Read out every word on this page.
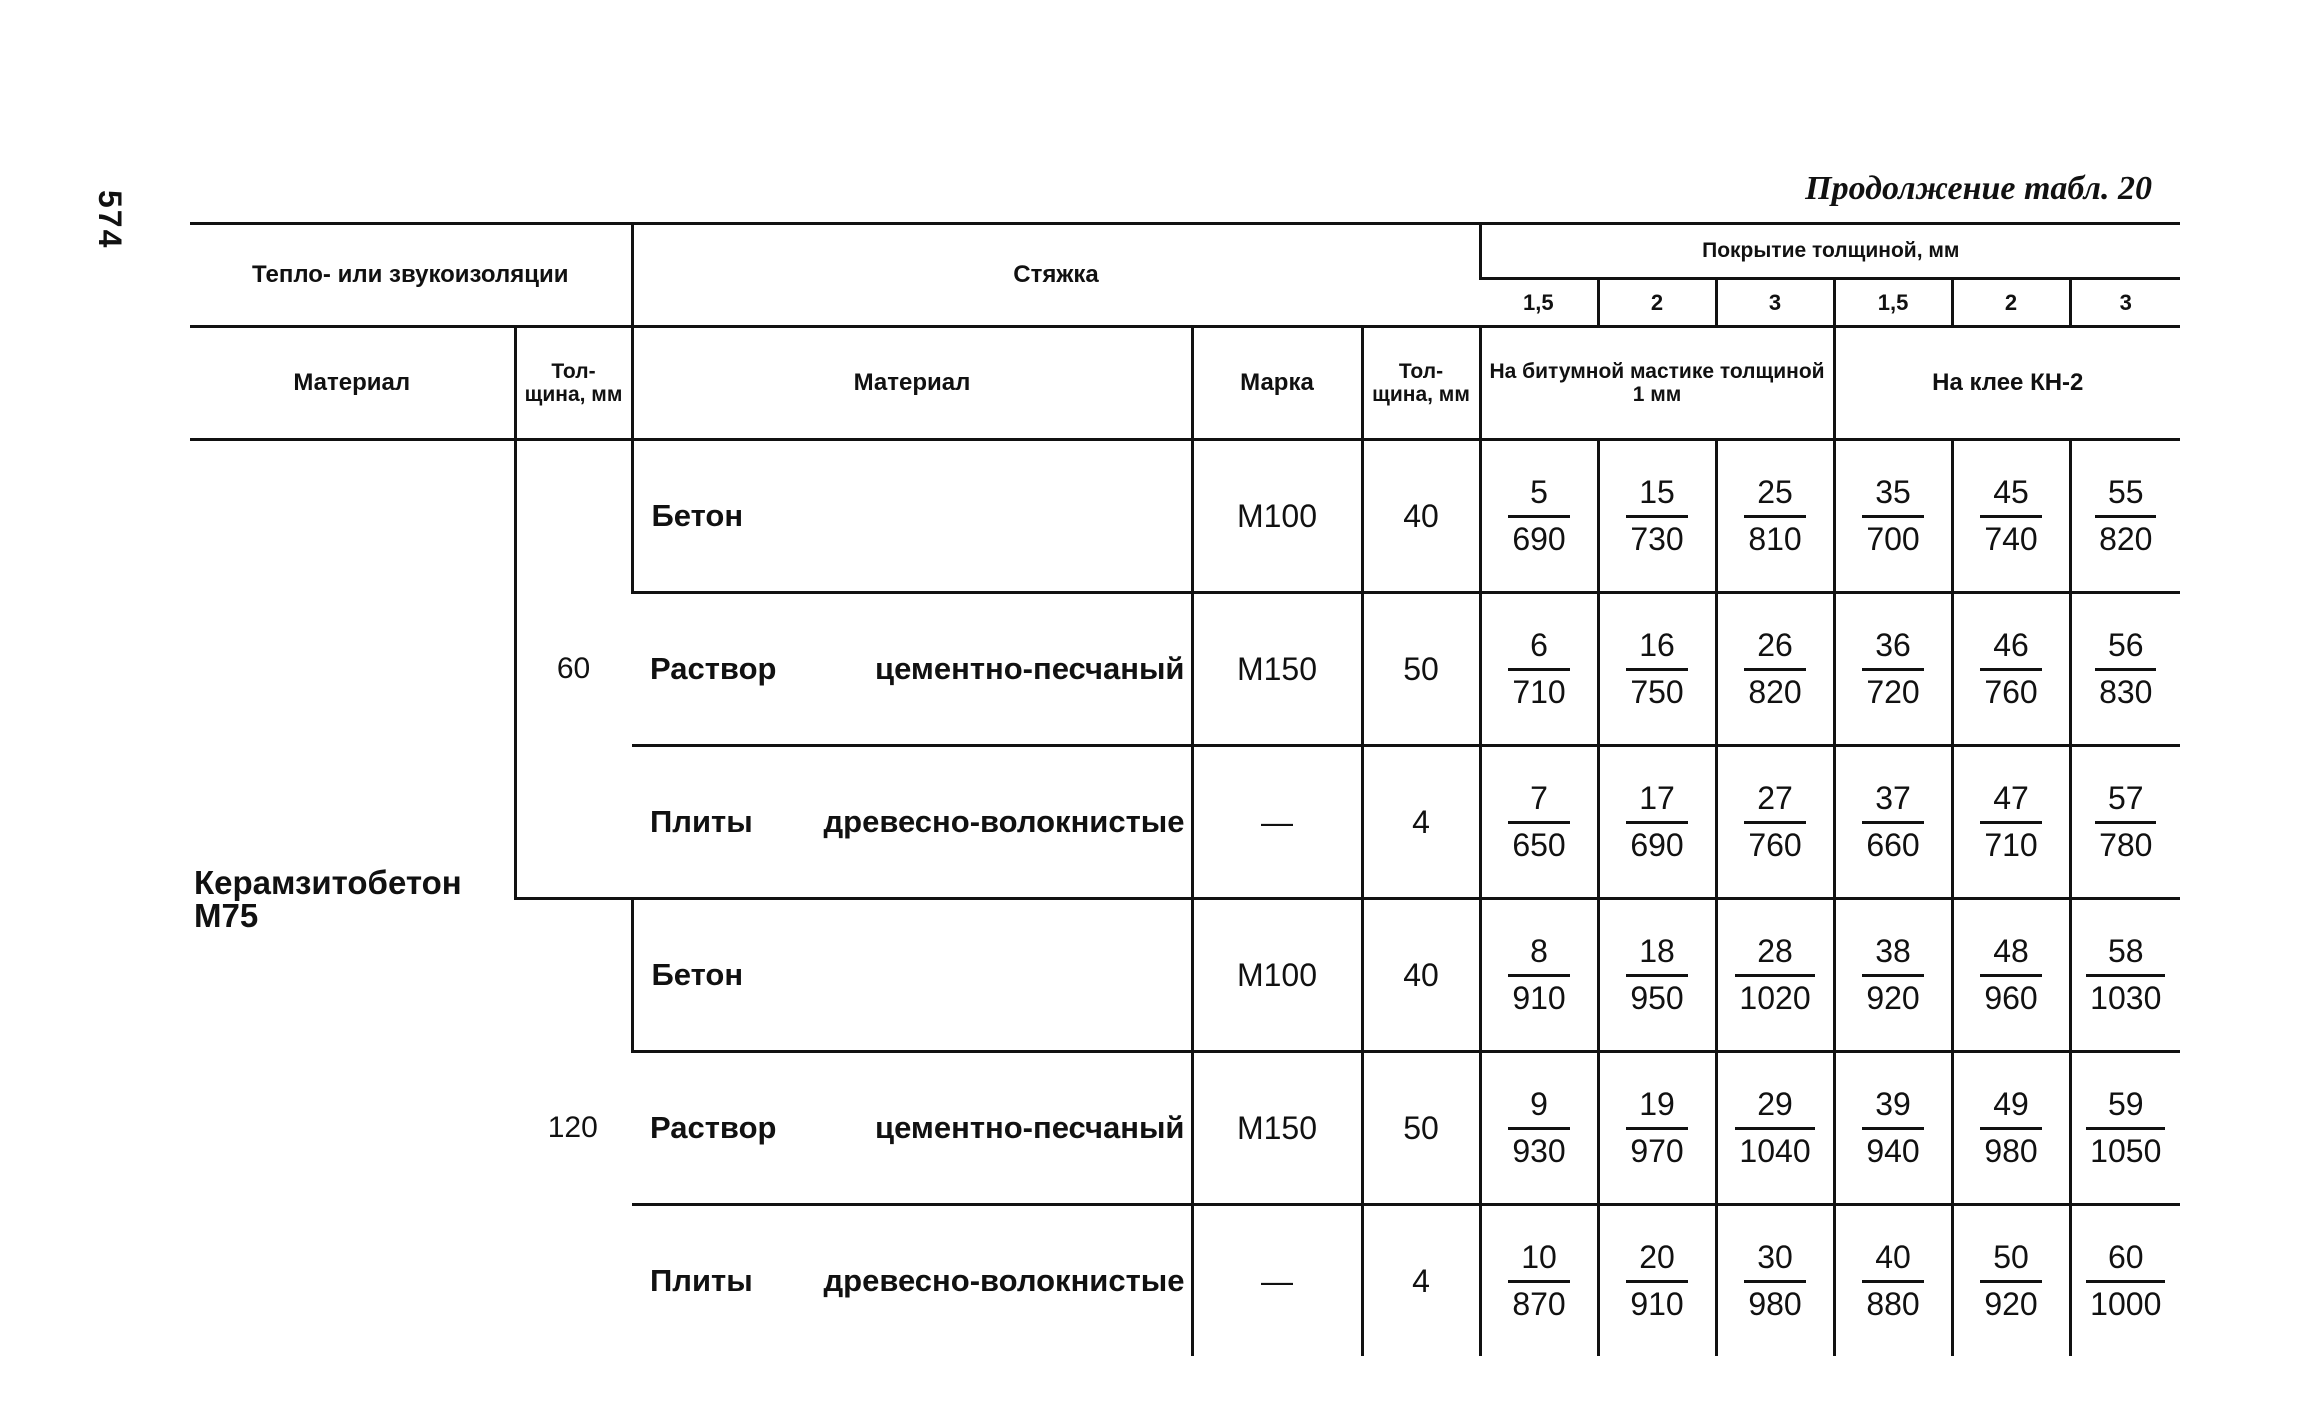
574
Продолжение табл. 20
Тепло- или звукоизоляции		Стяжка			Покрытие толщиной, мм					
					1,5	2	3	1,5	2	3
Материал	Тол-щина, мм	Материал	Марка	Тол-щина, мм	На битумной мастике толщиной 1 мм			На клее КН-2		
Керамзитобетон М75	60	Бетон	М100	40	$\frac{5}{690}$	$\frac{15}{730}$	$\frac{25}{810}$	$\frac{35}{700}$	$\frac{45}{740}$	$\frac{55}{820}$

		Раствор цементно-песчаный	М150	50	$\frac{6}{710}$	$\frac{16}{750}$	$\frac{26}{820}$	$\frac{36}{720}$	$\frac{46}{760}$	$\frac{56}{830}$

		Плиты древесно-волокнистые	—	4	$\frac{7}{650}$	$\frac{17}{690}$	$\frac{27}{760}$	$\frac{37}{660}$	$\frac{47}{710}$	$\frac{57}{780}$

	120	Бетон	М100	40	$\frac{8}{910}$	$\frac{18}{950}$	$\frac{28}{1020}$	$\frac{38}{920}$	$\frac{48}{960}$	$\frac{58}{1030}$

		Раствор цементно-песчаный	М150	50	$\frac{9}{930}$	$\frac{19}{970}$	$\frac{29}{1040}$	$\frac{39}{940}$	$\frac{49}{980}$	$\frac{59}{1050}$

		Плиты древесно-волокнистые	—	4	$\frac{10}{870}$	$\frac{20}{910}$	$\frac{30}{980}$	$\frac{40}{880}$	$\frac{50}{920}$	$\frac{60}{1000}$
